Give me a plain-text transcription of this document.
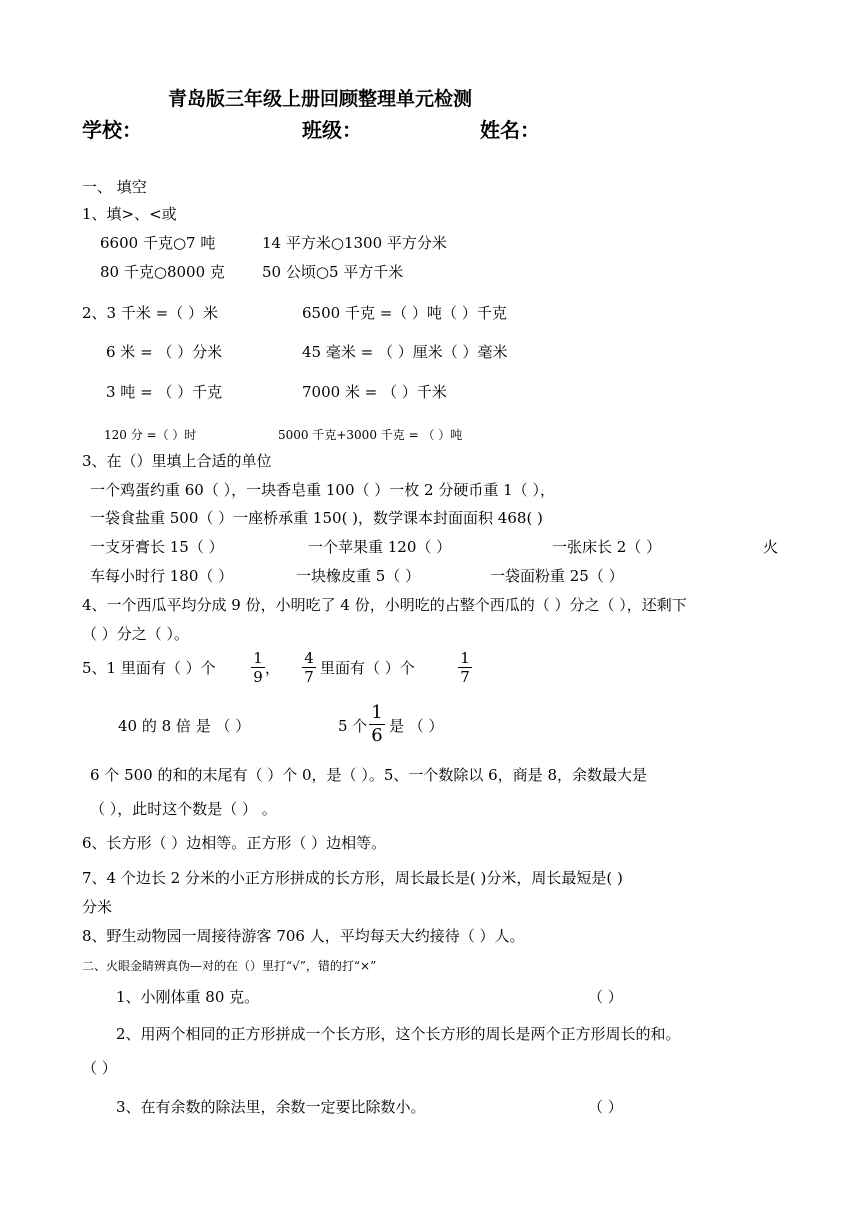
青岛版三年级上册回顾整理单元检测
学校：	班级：	姓名：
一、 填空
1、填>、<或
6600 千克○7 吨	14 平方米○1300 平方分米
80 千克○8000 克 50 公顷○5 平方千米
2、3 千米 =（ ）米	6500 千克 =（ ）吨（ ）千克
6 米 = （ ）分米	45 毫米 = （ ）厘米（ ）毫米
3 吨 = （ ）千克	7000 米 = （ ）千米
120 分 =（ ）时	5000 千克+3000 千克 = （ ）吨
3、在（）里填上合适的单位
一个鸡蛋约重 60（ ），一块香皂重 100（ ）一枚 2 分硬币重 1（ ），
一袋食盐重 500（ ）一座桥承重 150( )，数学课本封面面积 468( )
一支牙膏长 15（ ）	一个苹果重 120（ ）	一张床长 2（ ）	火
车每小时行 180（ ）	一块橡皮重 5（ ）	一袋面粉重 25（ ）
4、一个西瓜平均分成 9 份，小明吃了 4 份，小明吃的占整个西瓜的（ ）分之（ ），还剩下
（ ）分之（ ）。
5、1 里面有（ ）个 $\frac{1}{9}$ ， $\frac{4}{7}$ 里面有（ ）个	$\frac{1}{7}$
40 的 8 倍 是 （ ）	5 个 $\frac{1}{6}$ 是 （ ）
6 个 500 的和的末尾有（ ）个 0，是（ ）。5、一个数除以 6，商是 8，余数最大是
（ ），此时这个数是（ ） 。
6、长方形（ ）边相等。正方形（ ）边相等。
7、4 个边长 2 分米的小正方形拼成的长方形，周长最长是( )分米，周长最短是( )
分米
8、野生动物园一周接待游客 706 人，平均每天大约接待（ ）人。
二、火眼金睛辨真伪—对的在（）里打“√”，错的打“×”
1、小刚体重 80 克。	（ ）
2、用两个相同的正方形拼成一个长方形，这个长方形的周长是两个正方形周长的和。
（ ）
3、在有余数的除法里，余数一定要比除数小。	（ ）
